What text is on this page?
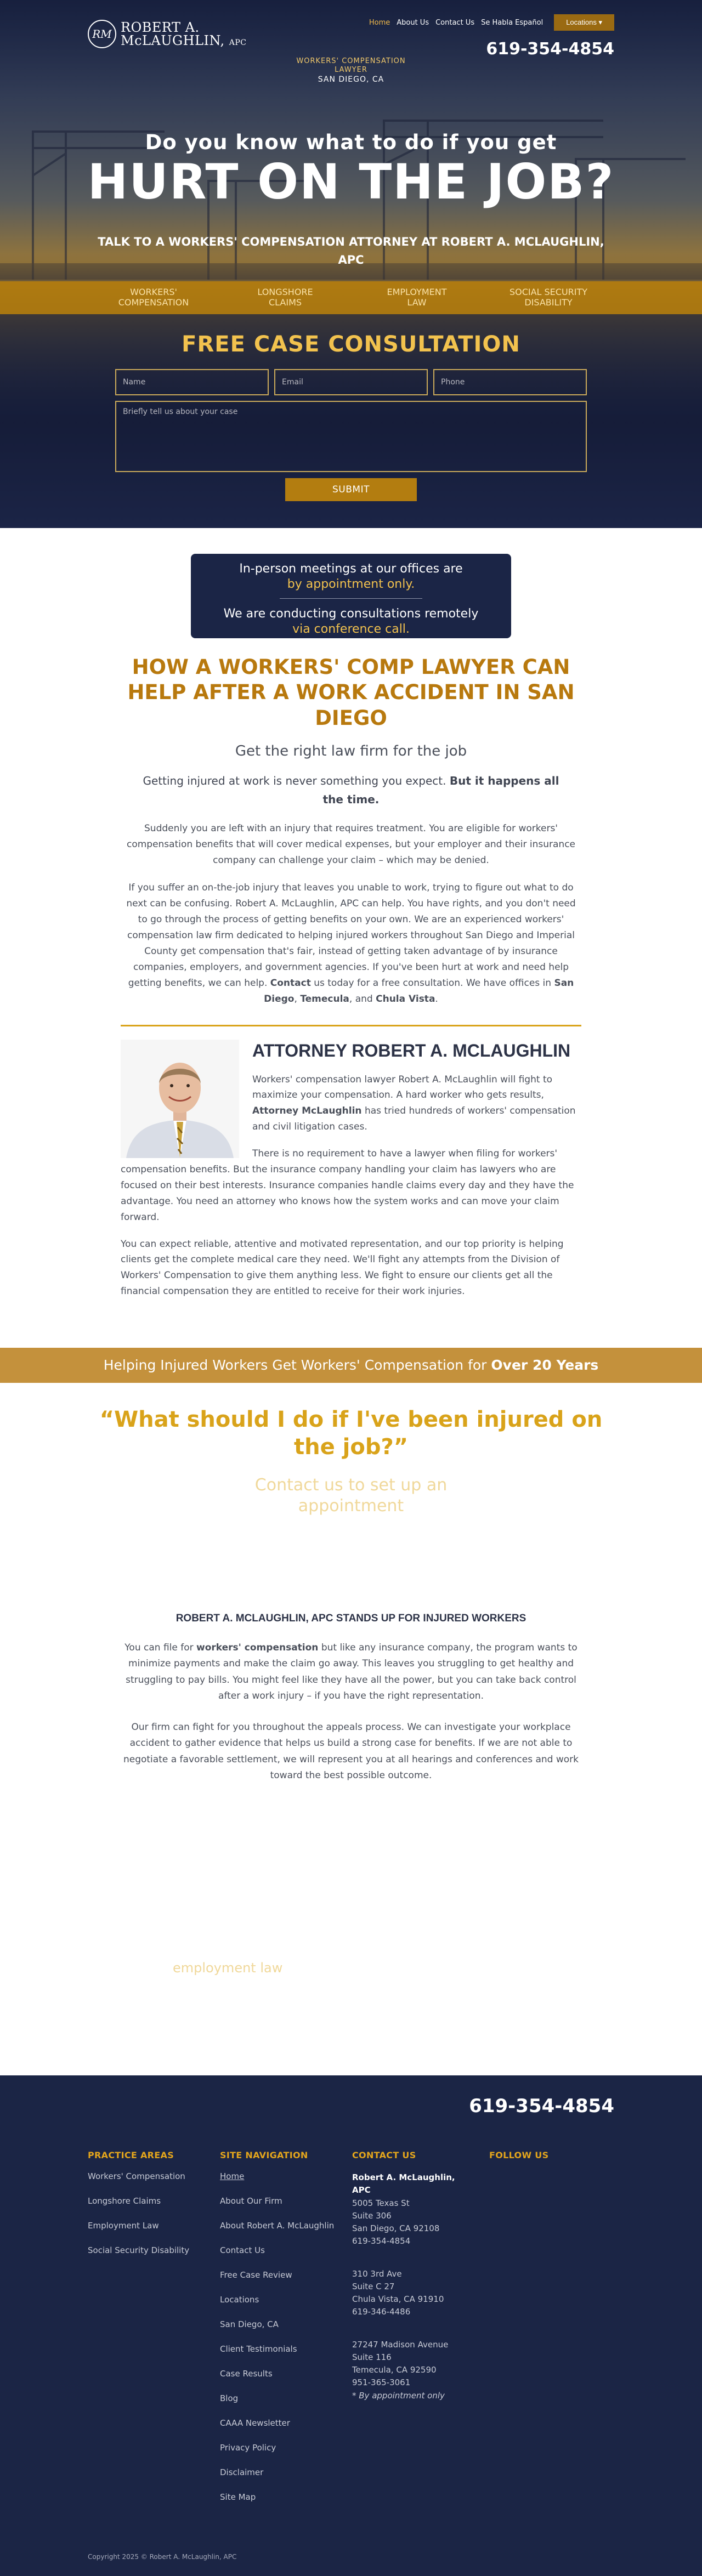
RM ROBERT A.
McLAUGHLIN, APC
Home About Us Contact Us Se Habla Español	Locations ▾
619-354-4854
WORKERS' COMPENSATION
LAWYER
SAN DIEGO, CA
Do you know what to do if you get
HURT ON THE JOB?
TALK TO A WORKERS' COMPENSATION ATTORNEY AT ROBERT A. MCLAUGHLIN, APC
WORKERS'
COMPENSATION
LONGSHORE
CLAIMS
EMPLOYMENT
LAW
SOCIAL SECURITY
DISABILITY
FREE CASE CONSULTATION
Name
Email
Phone
Briefly tell us about your case
SUBMIT
In-person meetings at our offices are
by appointment only.
We are conducting consultations remotely
via conference call.
HOW A WORKERS' COMP LAWYER CAN HELP AFTER A WORK ACCIDENT IN SAN DIEGO
Get the right law firm for the job

Getting injured at work is never something you expect. But it happens all the time.

Suddenly you are left with an injury that requires treatment. You are eligible for workers' compensation benefits that will cover medical expenses, but your employer and their insurance company can challenge your claim – which may be denied.

If you suffer an on-the-job injury that leaves you unable to work, trying to figure out what to do next can be confusing. Robert A. McLaughlin, APC can help. You have rights, and you don't need to go through the process of getting benefits on your own. We are an experienced workers' compensation law firm dedicated to helping injured workers throughout San Diego and Imperial County get compensation that's fair, instead of getting taken advantage of by insurance companies, employers, and government agencies. If you've been hurt at work and need help getting benefits, we can help. Contact us today for a free consultation. We have offices in San Diego, Temecula, and Chula Vista.

ATTORNEY ROBERT A. MCLAUGHLIN

Workers' compensation lawyer Robert A. McLaughlin will fight to maximize your compensation. A hard worker who gets results, Attorney McLaughlin has tried hundreds of workers' compensation and civil litigation cases.

There is no requirement to have a lawyer when filing for workers' compensation benefits. But the insurance company handling your claim has lawyers who are focused on their best interests. Insurance companies handle claims every day and they have the advantage. You need an attorney who knows how the system works and can move your claim forward.

You can expect reliable, attentive and motivated representation, and our top priority is helping clients get the complete medical care they need. We'll fight any attempts from the Division of Workers' Compensation to give them anything less. We fight to ensure our clients get all the financial compensation they are entitled to receive for their work injuries.

Helping Injured Workers Get Workers' Compensation for Over 20 Years
“What should I do if I've been injured on the job?”
Contact us to set up an
appointment
ROBERT A. MCLAUGHLIN, APC STANDS UP FOR INJURED WORKERS

You can file for workers' compensation but like any insurance company, the program wants to minimize payments and make the claim go away. This leaves you struggling to get healthy and struggling to pay bills. You might feel like they have all the power, but you can take back control after a work injury – if you have the right representation.

Our firm can fight for you throughout the appeals process. We can investigate your workplace accident to gather evidence that helps us build a strong case for benefits. If we are not able to negotiate a favorable settlement, we will represent you at all hearings and conferences and work toward the best possible outcome.

employment law
619-354-4854
PRACTICE AREAS
Workers' Compensation
Longshore Claims
Employment Law
Social Security Disability
SITE NAVIGATION
Home
About Our Firm
About Robert A. McLaughlin
Contact Us
Free Case Review
Locations
San Diego, CA
Client Testimonials
Case Results
Blog
CAAA Newsletter
Privacy Policy
Disclaimer
Site Map
CONTACT US
Robert A. McLaughlin,
APC
5005 Texas St
Suite 306
San Diego, CA 92108
619-354-4854
310 3rd Ave
Suite C 27
Chula Vista, CA 91910
619-346-4486
27247 Madison Avenue
Suite 116
Temecula, CA 92590
951-365-3061
* By appointment only
FOLLOW US
Copyright 2025 © Robert A. McLaughlin, APC
